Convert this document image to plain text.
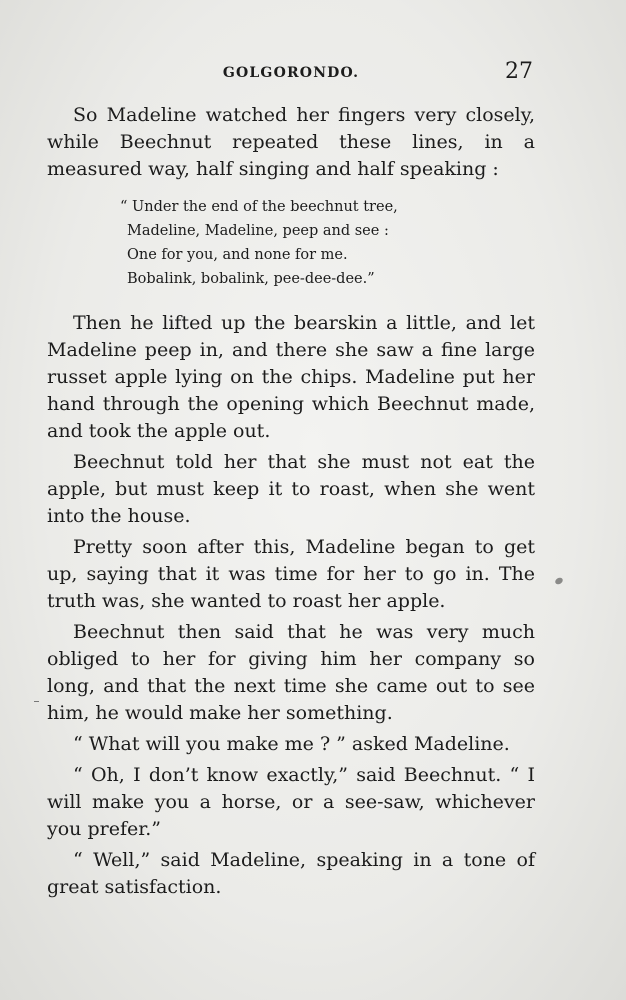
GOLGORONDO.	27

So Madeline watched her fingers very closely, while Beechnut repeated these lines, in a measured way, half singing and half speaking :

“ Under the end of the beechnut tree,
Madeline, Madeline, peep and see :
One for you, and none for me.
Bobalink, bobalink, pee-dee-dee.”

Then he lifted up the bearskin a little, and let Madeline peep in, and there she saw a fine large russet apple lying on the chips. Madeline put her hand through the opening which Beechnut made, and took the apple out.

Beechnut told her that she must not eat the apple, but must keep it to roast, when she went into the house.

Pretty soon after this, Madeline began to get up, saying that it was time for her to go in. The truth was, she wanted to roast her apple.

Beechnut then said that he was very much obliged to her for giving him her company so long, and that the next time she came out to see him, he would make her something.

“ What will you make me ? ” asked Madeline.

“ Oh, I don’t know exactly,” said Beechnut. “ I will make you a horse, or a see-saw, whichever you prefer.”

“ Well,” said Madeline, speaking in a tone of great satisfaction.
